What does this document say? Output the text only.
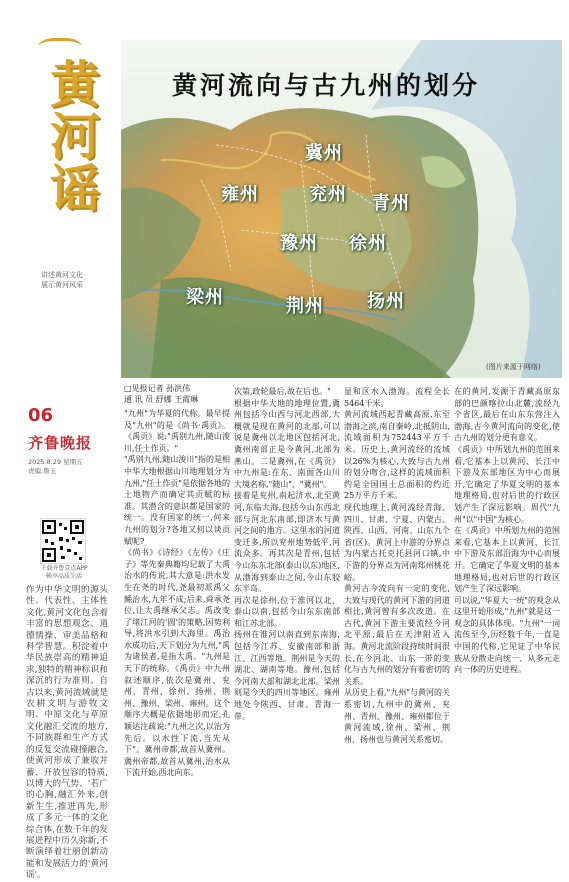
黄河谣
讲述黄河文化
展示黄河风采
06
齐鲁晚报
2025.8.29 星期五
责编:鲁玉
下载齐鲁壹点APP
畅享品质生活
作为中华文明的源头性、代表性、主体性文化,黄河文化包含着丰富的思想观念、道德情操、审美品格和科学智慧。积淀着中华民族崇高的精神追求,独特的精神标识和深沉的行为准则。自古以来,黄河流域就是农耕文明与游牧文明、中原文化与草原文化融汇交流的地方,不同族群和生产方式的反复交流碰撞融合,使黄河形成了兼收并蓄、开放包容的特质,以博大的气势、'若广的心胸,融汇外来,创新生生,推进再先,形成了多元一体的文化综合体,在数千年的发展进程中历久弥新,不断演绎着壮丽创新动能和发展活力的'黄河谣'。
黄河流向与古九州的划分
冀州
雍州	兖州 青州
豫州 徐州
梁州	荆州 扬州
(图片来源于网络)
□见报记者 孙洪伟
通 讯 员 舒娜 王霞琳
"九州"为华夏的代称。最早提及"九州"的是《尚书·禹贡》。《禹贡》说:"禹别九州,随山浚川,任土作贡。"
"禹别九州,随山浚川"指的是相中华大地根据山川地理划分为九州,"任土作贡"是依据各地的土地物产而确定其贡赋的标准。其潜含的意识都是国家的统一。没有国家的统一,何来九州的划分?各地又何以谈贡赋呢?
《尚书》《诗经》《左传》《庄子》等先秦典籍均记载了大禹治水的传说,其大意是:洪水发生在尧的时代,尧最初派禹父鲧治水,九年不成;后来,舜承尧位,让大禹继承父志。禹改变了堵江河的'圆'的策略,因势利导,将洪水引到大海里。禹治水成功后,天下划分为九州,"禹为诸侯者,是指大禹。"九州是天下的统称。《禹贡》中九州叙述顺序,依次是冀州、兖州、青州、徐州、扬州、荆州、豫州、梁州、雍州。这个顺序大概是依据地形而定,孔颖达注疏说:"九州之次,以治为先后。以水性下流,当先从下"。冀州帝都,故首从冀州。冀州帝都,故首从冀州,治水从下流开始,西北向东。
次第,政轮最后,故在后也。"
根据中华大地的地理位置,冀州包括今山西与河北西部,大概就是现在黄河的北部,可以说是冀州以北地区包括河北,冀州南部正是今黄河,北部为燕山。二是冀州,在《禹贡》中九州是:在东、南面各山川大境名称,"随山"、"冀州"。
接着是兖州,南起济水,北至黄河,东临大海,包括今山东西北部与河北东南部,即济水与黄河之间的地方。这里水的河道变迁多,所以兖州地势低平,河流众多。再其次是青州,包括今山东东北部(泰山以东)地区,从渤海到泰山之间,今山东胶东半岛。
再次是徐州,位于淮河以北、泰山以南,包括今山东东南部和江苏北部。
扬州在淮河以南直到东南海,包括今江苏、安徽南部和浙江、江西等地。荆州是今天的湖北、湖南等地。豫州,包括今河南大部和湖北北部。梁州则是今天的四川等地区。雍州地处今陕西、甘肃、青海一带。
显和区水入渤海。流程全长5464千米。
黄河流域西起青藏高原,东至渤海之滨,南自秦岭,北抵阴山,流域面积为752443平方千米。历史上,黄河流经的流域以26%为核心,大致与古九州的划分吻合,这样的流域面积约是全国国土总面积的约近25万平方千米。
现代地理上,黄河流经青海、四川、甘肃、宁夏、内蒙古、陕西、山西、河南、山东九个省(区)。黄河上中游的分界点为内蒙古托克托县河口镇,中下游的分界点为河南郑州桃花峪。
黄河古今流向有一定的变化,大致与现代的黄河下游的河道相比,黄河曾有多次改道。在古代,黄河下游主要流经今河北平原,最后在天津附近入海。黄河北流阶段持续时间很长,在今河北、山东一带的变化与古九州的划分有着密切的关系。
从历史上看,"九州"与黄河的关系密切,九州中的冀州、兖州、青州、豫州、雍州都位于黄河流域,徐州、梁州、荆州、扬州也与黄河关系密切。
在的黄河,发源于青藏高原东部的巴颜喀拉山北麓,流经九个省区,最后在山东东营注入渤海,古今黄河流向的变化,使古九州的划分更有意义。
《禹贡》中所划九州的范围来看,它基本上以黄河、长江中下游及东部地区为中心而展开,它确定了华夏文明的基本地理格局,也对后世的行政区划产生了深远影响。周代"九州"以"中国"为核心。
在《禹贡》中所划九州的范围来看,它基本上以黄河、长江中下游及东部沿海为中心而展开。它确定了华夏文明的基本地理格局,也对后世的行政区划产生了深远影响。
可以说,"华夏大一统"的观念从这里开始形成,"九州"就是这一观念的具体体现。"九州"一词流传至今,历经数千年,一直是中国的代称,它见证了中华民族从分散走向统一、从多元走向一体的历史进程。
